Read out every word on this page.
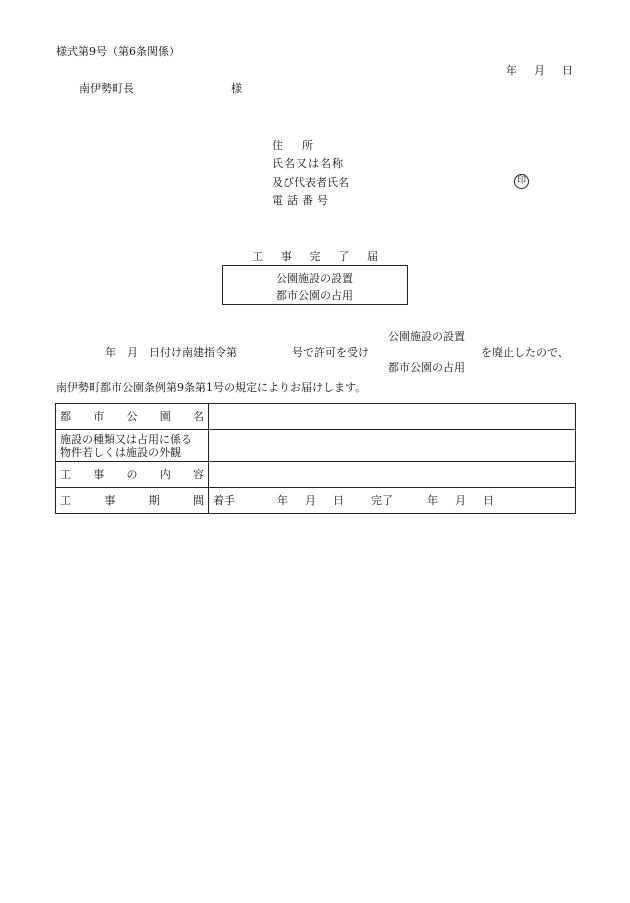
様式第9号（第6条関係）
年　月　日
南伊勢町長	様
住　所
氏名又は名称
及び代表者氏名
電話番号
印
工 事 完 了 届
公園施設の設置
都市公園の占用
公園施設の設置
年　月　日付け南建指令第	号で許可を受け	を廃止したので、
都市公園の占用
南伊勢町都市公園条例第9条第1号の規定によりお届けします。
都 市 公 園 名	

施設の種類又は占用に係る
物件若しくは施設の外観	

工 事 の 内 容	

工 事 期 間	着手 年　月　日 完了 年　月　日
